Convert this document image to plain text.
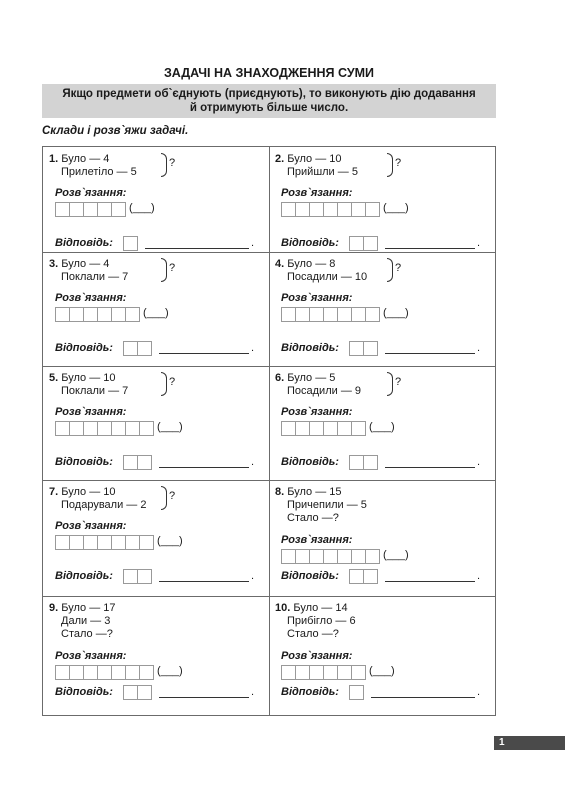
ЗАДАЧІ НА ЗНАХОДЖЕННЯ СУМИ
Якщо предмети об`єднують (приєднують), то виконують дію додавання
й отримують більше число.
Склади і розв`яжи задачі.
1. Було — 4
Прилетіло — 5
?
Розв`язання:
(___)
Відповідь:	.
2. Було — 10
Прийшли — 5
?
Розв`язання:
(___)
Відповідь:	.
3. Було — 4
Поклали — 7
?
Розв`язання:
(___)
Відповідь:	.
4. Було — 8
Посадили — 10
?
Розв`язання:
(___)
Відповідь:	.
5. Було — 10
Поклали — 7
?
Розв`язання:
(___)
Відповідь:	.
6. Було — 5
Посадили — 9
?
Розв`язання:
(___)
Відповідь:	.
7. Було — 10
Подарували — 2
?
Розв`язання:
(___)
Відповідь:	.
8. Було — 15
Причепили — 5
Стало —?
Розв`язання:
(___)
Відповідь:	.
9. Було — 17
Дали — 3
Стало —?
Розв`язання:
(___)
Відповідь:	.
10. Було — 14
Прибігло — 6
Стало —?
Розв`язання:
(___)
Відповідь:	.
1
